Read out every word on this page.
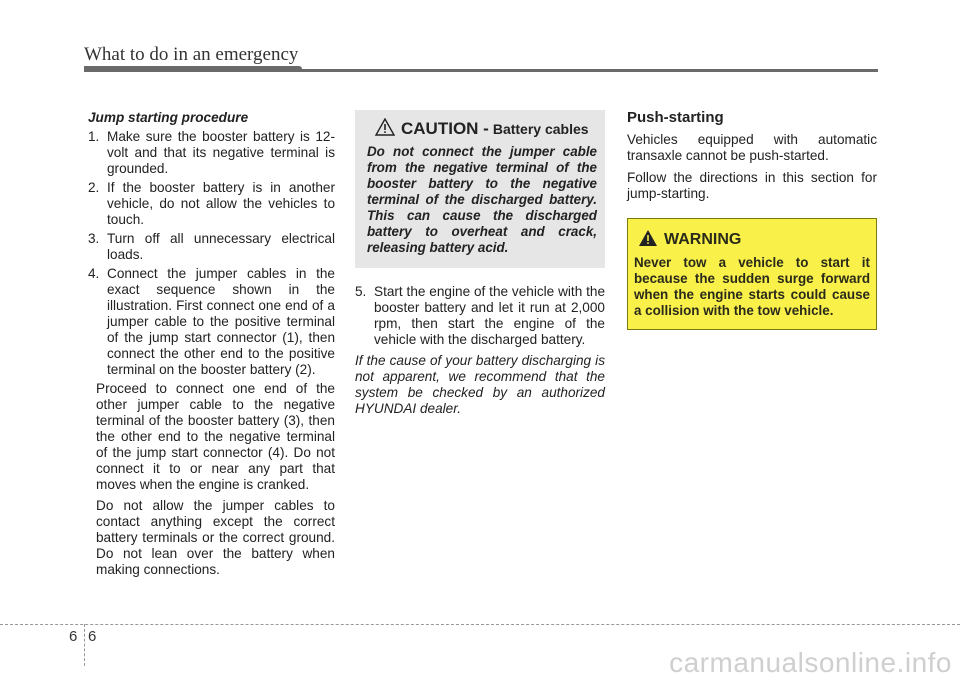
What to do in an emergency
Jump starting procedure
1. Make sure the booster battery is 12-volt and that its negative terminal is grounded.
2. If the booster battery is in another vehicle, do not allow the vehicles to touch.
3. Turn off all unnecessary electrical loads.
4. Connect the jumper cables in the exact sequence shown in the illustration. First connect one end of a jumper cable to the positive terminal of the jump start connector (1), then connect the other end to the positive terminal on the booster battery (2).

Proceed to connect one end of the other jumper cable to the negative terminal of the booster battery (3), then the other end to the negative terminal of the jump start connector (4). Do not connect it to or near any part that moves when the engine is cranked.

Do not allow the jumper cables to contact anything except the correct battery terminals or the correct ground. Do not lean over the battery when making connections.

CAUTION - Battery cables
Do not connect the jumper cable from the negative terminal of the booster battery to the negative terminal of the discharged battery. This can cause the discharged battery to overheat and crack, releasing battery acid.
5. Start the engine of the vehicle with the booster battery and let it run at 2,000 rpm, then start the engine of the vehicle with the discharged battery.

If the cause of your battery discharging is not apparent, we recommend that the system be checked by an authorized HYUNDAI dealer.

Push-starting

Vehicles equipped with automatic transaxle cannot be push-started.

Follow the directions in this section for jump-starting.

WARNING
Never tow a vehicle to start it because the sudden surge forward when the engine starts could cause a collision with the tow vehicle.
6 6
carmanualsonline.info
